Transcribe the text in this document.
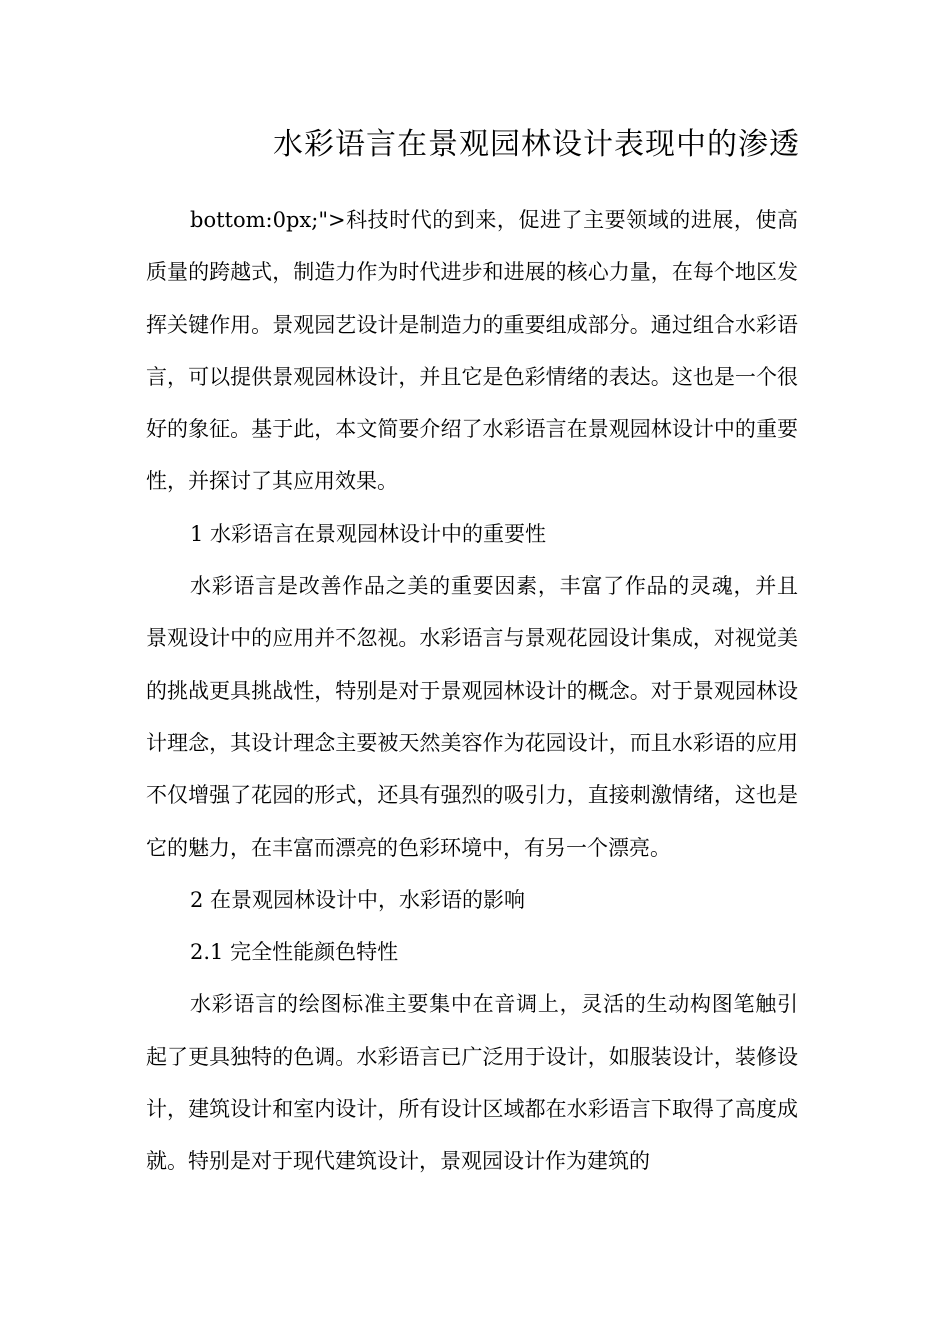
水彩语言在景观园林设计表现中的渗透

bottom:0px;">科技时代的到来，促进了主要领域的进展，使高质量的跨越式，制造力作为时代进步和进展的核心力量，在每个地区发挥关键作用。景观园艺设计是制造力的重要组成部分。通过组合水彩语言，可以提供景观园林设计，并且它是色彩情绪的表达。这也是一个很好的象征。基于此，本文简要介绍了水彩语言在景观园林设计中的重要性，并探讨了其应用效果。

1 水彩语言在景观园林设计中的重要性

水彩语言是改善作品之美的重要因素，丰富了作品的灵魂，并且景观设计中的应用并不忽视。水彩语言与景观花园设计集成，对视觉美的挑战更具挑战性，特别是对于景观园林设计的概念。对于景观园林设计理念，其设计理念主要被天然美容作为花园设计，而且水彩语的应用不仅增强了花园的形式，还具有强烈的吸引力，直接刺激情绪，这也是它的魅力，在丰富而漂亮的色彩环境中，有另一个漂亮。

2 在景观园林设计中，水彩语的影响

2.1 完全性能颜色特性

水彩语言的绘图标准主要集中在音调上，灵活的生动构图笔触引起了更具独特的色调。水彩语言已广泛用于设计，如服装设计，装修设计，建筑设计和室内设计，所有设计区域都在水彩语言下取得了高度成就。特别是对于现代建筑设计，景观园设计作为建筑的
